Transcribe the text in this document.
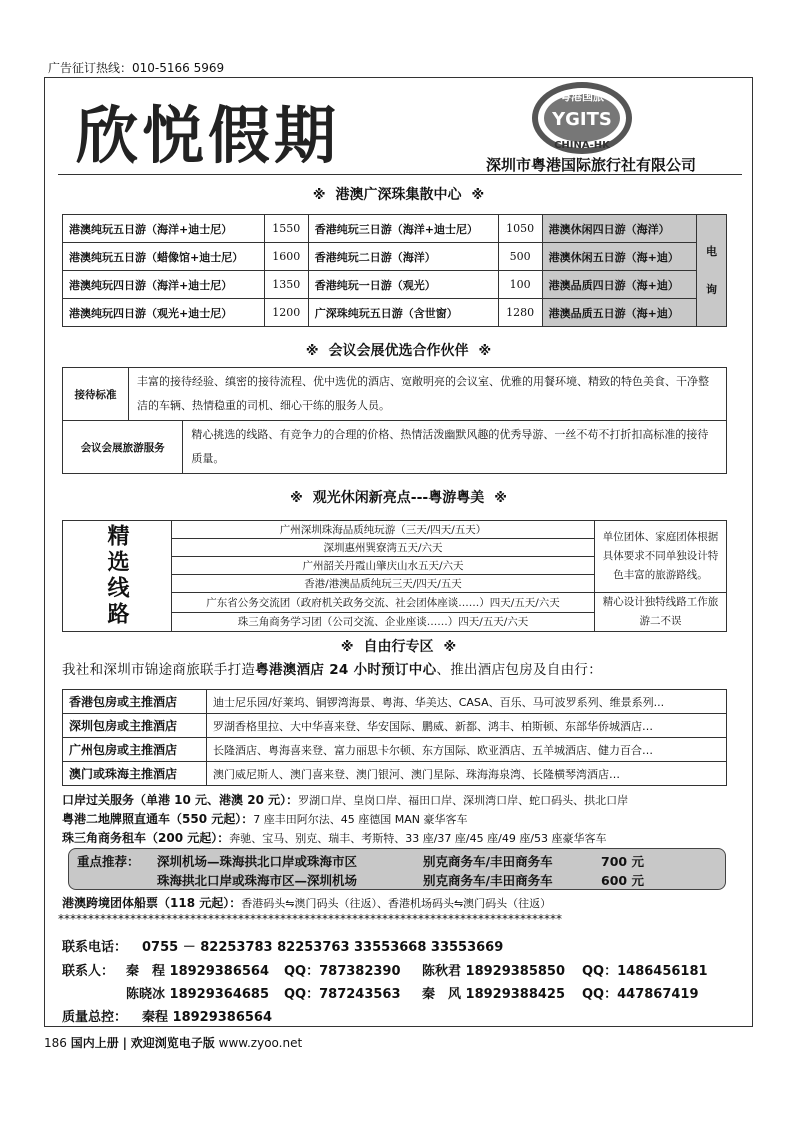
广告征订热线：010-5166 5969
欣悦假期
粤港国旅
YGITS
CHINA-HK
深圳市粤港国际旅行社有限公司
※ 港澳广深珠集散中心 ※
港澳纯玩五日游（海洋+迪士尼）	1550	香港纯玩三日游（海洋+迪士尼）	1050	港澳休闲四日游（海洋）	电询
港澳纯玩五日游（蜡像馆+迪士尼）	1600	香港纯玩二日游（海洋）	500	港澳休闲五日游（海+迪）	
港澳纯玩四日游（海洋+迪士尼）	1350	香港纯玩一日游（观光）	100	港澳品质四日游（海+迪）	
港澳纯玩四日游（观光+迪士尼）	1200	广深珠纯玩五日游（含世窗）	1280	港澳品质五日游（海+迪）	
※ 会议会展优选合作伙伴 ※
接待标准	丰富的接待经验、缜密的接待流程、优中选优的酒店、宽敞明亮的会议室、优雅的用餐环境、精致的特色美食、干净整洁的车辆、热情稳重的司机、细心干练的服务人员。	
会议会展旅游服务		精心挑选的线路、有竞争力的合理的价格、热情活泼幽默风趣的优秀导游、一丝不苟不打折扣高标准的接待质量。
※ 观光休闲新亮点---粤游粤美 ※
精选线路	广州深圳珠海品质纯玩游（三天/四天/五天）	单位团体、家庭团体根据具体要求不同单独设计特色丰富的旅游路线。
	深圳惠州巽寮湾五天/六天	
	广州韶关丹霞山肇庆山水五天/六天	
	香港/港澳品质纯玩三天/四天/五天	
	广东省公务交流团（政府机关政务交流、社会团体座谈……）四天/五天/六天	精心设计独特线路工作旅游二不误
	珠三角商务学习团（公司交流、企业座谈……）四天/五天/六天	
※ 自由行专区 ※
我社和深圳市锦途商旅联手打造粤港澳酒店 24 小时预订中心、推出酒店包房及自由行：
香港包房或主推酒店	迪士尼乐园/好莱坞、铜锣湾海景、粤海、华美达、CASA、百乐、马可波罗系列、维景系列...
深圳包房或主推酒店	罗湖香格里拉、大中华喜来登、华安国际、鹏威、新都、鸿丰、柏斯顿、东部华侨城酒店…
广州包房或主推酒店	长隆酒店、粤海喜来登、富力丽思卡尔顿、东方国际、欧亚酒店、五羊城酒店、健力百合…
澳门或珠海主推酒店	澳门威尼斯人、澳门喜来登、澳门银河、澳门星际、珠海海泉湾、长隆横琴湾酒店…
口岸过关服务（单港 10 元、港澳 20 元）：罗湖口岸、皇岗口岸、福田口岸、深圳湾口岸、蛇口码头、拱北口岸
粤港二地牌照直通车（550 元起）：7 座丰田阿尔法、45 座德国 MAN 豪华客车
珠三角商务租车（200 元起）：奔驰、宝马、别克、瑞丰、考斯特、33 座/37 座/45 座/49 座/53 座豪华客车
重点推荐： 深圳机场—珠海拱北口岸或珠海市区	别克商务车/丰田商务车	700 元
珠海拱北口岸或珠海市区—深圳机场	别克商务车/丰田商务车	600 元
港澳跨境团体船票（118 元起）：香港码头⇋澳门码头（往返）、香港机场码头⇋澳门码头（往返）
************************************************************************************
联系电话： 0755 － 82253783 82253763 33553668 33553669
联系人： 秦　程 18929386564 QQ：787382390 陈秋君 18929385850 QQ：1486456181
陈晓冰 18929364685 QQ：787243563 秦　风 18929388425 QQ：447867419
质量总控： 秦程 18929386564
186 国内上册 | 欢迎浏览电子版 www.zyoo.net
